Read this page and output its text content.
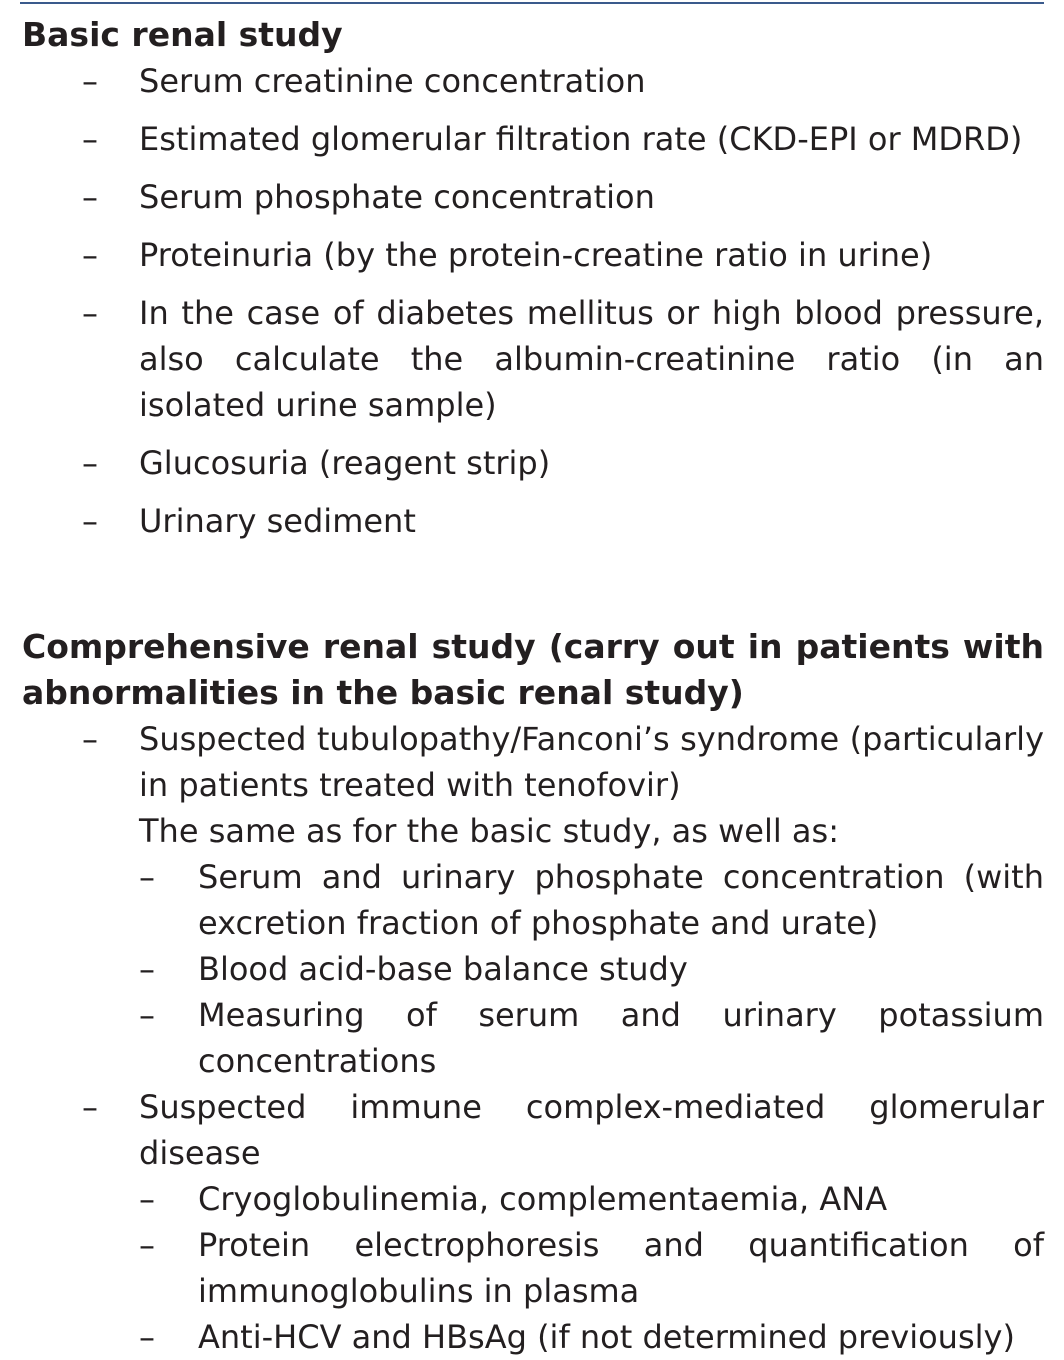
Basic renal study
– Serum creatinine concentration
– Estimated glomerular filtration rate (CKD-EPI or MDRD)
– Serum phosphate concentration
– Proteinuria (by the protein-creatine ratio in urine)
– In the case of diabetes mellitus or high blood pressure, also calculate the albumin-creatinine ratio (in an isolated urine sample)
– Glucosuria (reagent strip)
– Urinary sediment
Comprehensive renal study (carry out in patients with abnormalities in the basic renal study)
– Suspected tubulopathy/Fanconi’s syndrome (particularly in patients treated with tenofovir)
The same as for the basic study, as well as:
– Serum and urinary phosphate concentration (with excretion fraction of phosphate and urate)
– Blood acid-base balance study
– Measuring of serum and urinary potassium concentrations
– Suspected immune complex-mediated glomerular disease
– Cryoglobulinemia, complementaemia, ANA
– Protein electrophoresis and quantification of immunoglobulins in plasma
– Anti-HCV and HBsAg (if not determined previously)
